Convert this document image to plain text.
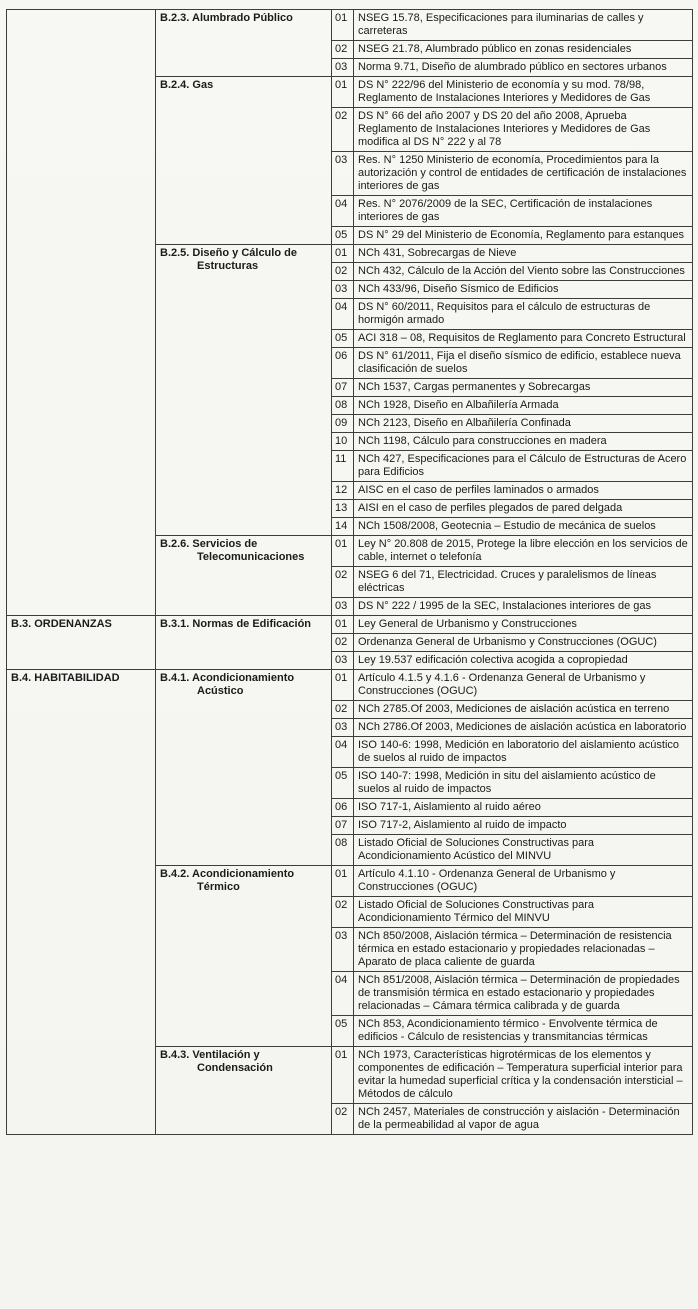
	B.2.3. Alumbrado Público	01	NSEG 15.78, Especificaciones para iluminarias de calles y carreteras
		02	NSEG 21.78, Alumbrado público en zonas residenciales
		03	Norma 9.71, Diseño de alumbrado público en sectores urbanos

	B.2.4. Gas	01	DS N° 222/96 del Ministerio de economía y su mod. 78/98, Reglamento de Instalaciones Interiores y Medidores de Gas
		02	DS N° 66 del año 2007 y DS 20 del año 2008, Aprueba Reglamento de Instalaciones Interiores y Medidores de Gas modifica al DS N° 222 y al 78
		03	Res. N° 1250 Ministerio de economía, Procedimientos para la autorización y control de entidades de certificación de instalaciones interiores de gas
		04	Res. N° 2076/2009 de la SEC, Certificación de instalaciones interiores de gas
		05	DS N° 29 del Ministerio de Economía, Reglamento para estanques

	B.2.5. Diseño y Cálculo de Estructuras	01	NCh 431, Sobrecargas de Nieve
		02	NCh 432, Cálculo de la Acción del Viento sobre las Construcciones
		03	NCh 433/96, Diseño Sísmico de Edificios
		04	DS N° 60/2011, Requisitos para el cálculo de estructuras de hormigón armado
		05	ACI 318 – 08, Requisitos de Reglamento para Concreto Estructural
		06	DS N° 61/2011, Fija el diseño sísmico de edificio, establece nueva clasificación de suelos
		07	NCh 1537, Cargas permanentes y Sobrecargas
		08	NCh 1928, Diseño en Albañilería Armada
		09	NCh 2123, Diseño en Albañilería Confinada
		10	NCh 1198, Cálculo para construcciones en madera
		11	NCh 427, Especificaciones para el Cálculo de Estructuras de Acero para Edificios
		12	AISC en el caso de perfiles laminados o armados
		13	AISI en el caso de perfiles plegados de pared delgada
		14	NCh 1508/2008, Geotecnia – Estudio de mecánica de suelos

	B.2.6. Servicios de Telecomunicaciones	01	Ley N° 20.808 de 2015, Protege la libre elección en los servicios de cable, internet o telefonía
		02	NSEG 6 del 71, Electricidad. Cruces y paralelismos de líneas eléctricas
		03	DS N° 222 / 1995 de la SEC, Instalaciones interiores de gas

B.3. ORDENANZAS	B.3.1. Normas de Edificación	01	Ley General de Urbanismo y Construcciones
		02	Ordenanza General de Urbanismo y Construcciones (OGUC)
		03	Ley 19.537 edificación colectiva acogida a copropiedad

B.4. HABITABILIDAD	B.4.1. Acondicionamiento Acústico	01	Artículo 4.1.5 y 4.1.6 - Ordenanza General de Urbanismo y Construcciones (OGUC)
		02	NCh 2785.Of 2003, Mediciones de aislación acústica en terreno
		03	NCh 2786.Of 2003, Mediciones de aislación acústica en laboratorio
		04	ISO 140-6: 1998, Medición en laboratorio del aislamiento acústico de suelos al ruido de impactos
		05	ISO 140-7: 1998, Medición in situ del aislamiento acústico de suelos al ruido de impactos
		06	ISO 717-1, Aislamiento al ruido aéreo
		07	ISO 717-2, Aislamiento al ruido de impacto
		08	Listado Oficial de Soluciones Constructivas para Acondicionamiento Acústico del MINVU

	B.4.2. Acondicionamiento Térmico	01	Artículo 4.1.10 - Ordenanza General de Urbanismo y Construcciones (OGUC)
		02	Listado Oficial de Soluciones Constructivas para Acondicionamiento Térmico del MINVU
		03	NCh 850/2008, Aislación térmica – Determinación de resistencia térmica en estado estacionario y propiedades relacionadas – Aparato de placa caliente de guarda
		04	NCh 851/2008, Aislación térmica – Determinación de propiedades de transmisión térmica en estado estacionario y propiedades relacionadas – Cámara térmica calibrada y de guarda
		05	NCh 853, Acondicionamiento térmico - Envolvente térmica de edificios - Cálculo de resistencias y transmitancias térmicas

	B.4.3. Ventilación y Condensación	01	NCh 1973, Características higrotérmicas de los elementos y componentes de edificación – Temperatura superficial interior para evitar la humedad superficial crítica y la condensación intersticial – Métodos de cálculo
		02	NCh 2457, Materiales de construcción y aislación - Determinación de la permeabilidad al vapor de agua
